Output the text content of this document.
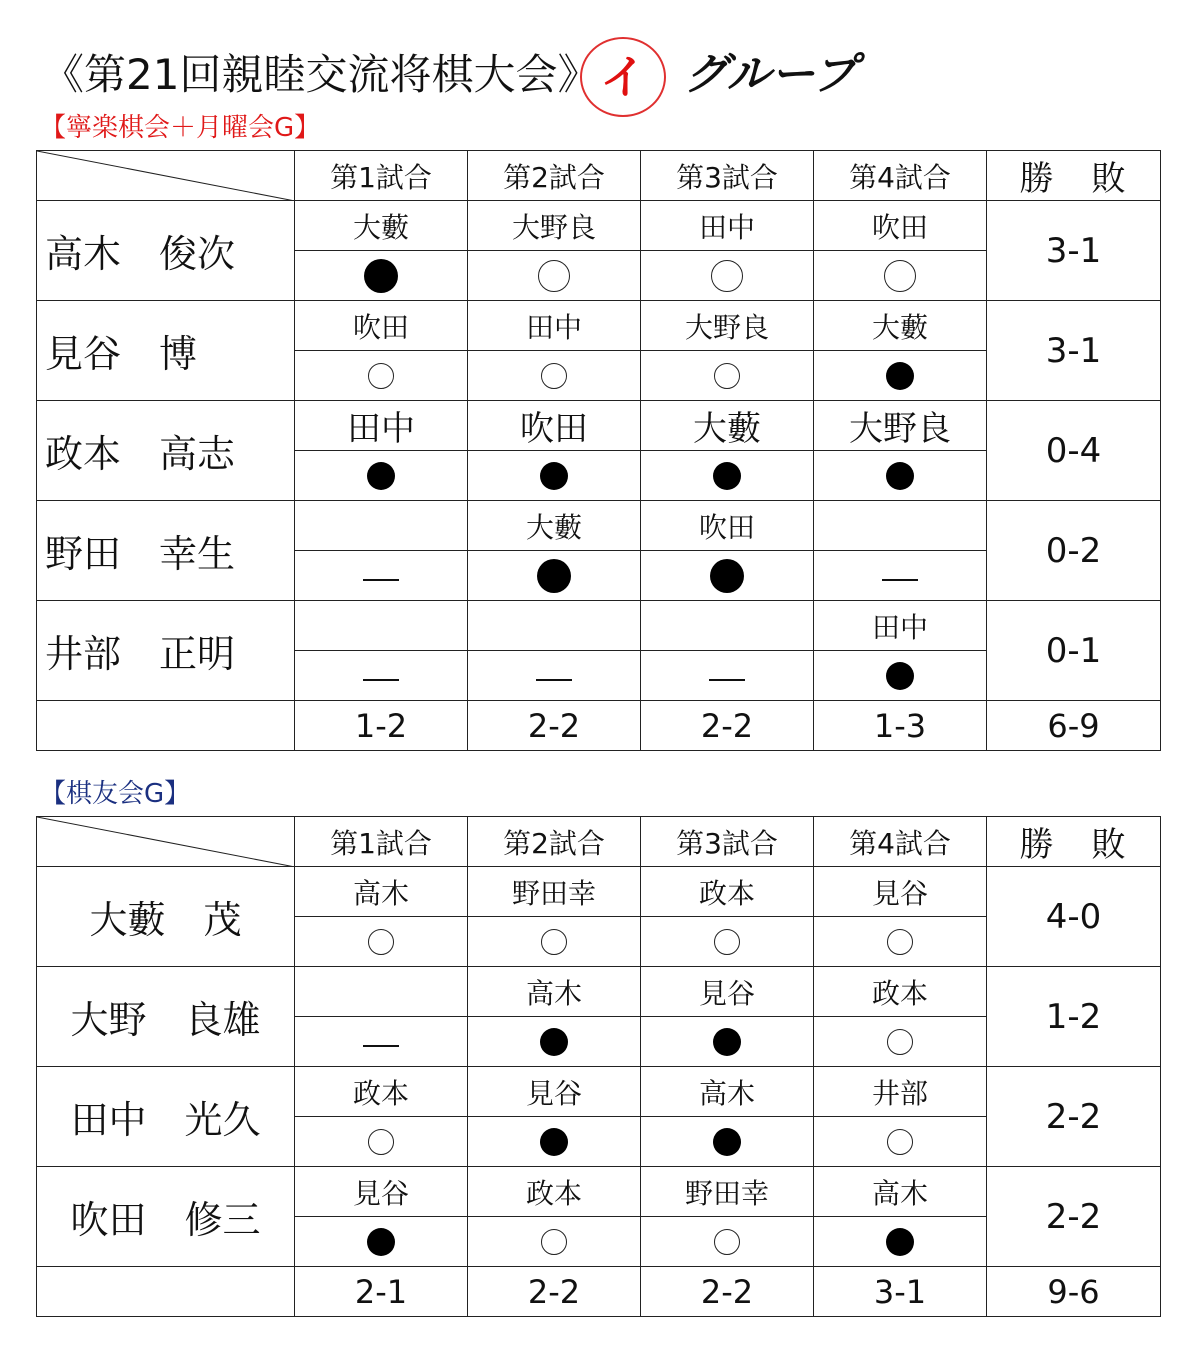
《第21回親睦交流将棋大会》 イ グループ
【寧楽棋会＋月曜会G】
	第1試合	第2試合	第3試合	第4試合	勝　敗
高木　俊次	大藪	大野良	田中	吹田	3-1

見谷　博	吹田	田中	大野良	大藪	3-1

政本　高志	田中	吹田	大藪	大野良	0-4

野田　幸生		大藪	吹田		0-2

井部　正明				田中	0-1

	1-2	2-2	2-2	1-3	6-9
【棋友会G】
	第1試合	第2試合	第3試合	第4試合	勝　敗
大藪　茂	高木	野田幸	政本	見谷	4-0

大野　良雄		高木	見谷	政本	1-2

田中　光久	政本	見谷	高木	井部	2-2

吹田　修三	見谷	政本	野田幸	高木	2-2

	2-1	2-2	2-2	3-1	9-6
